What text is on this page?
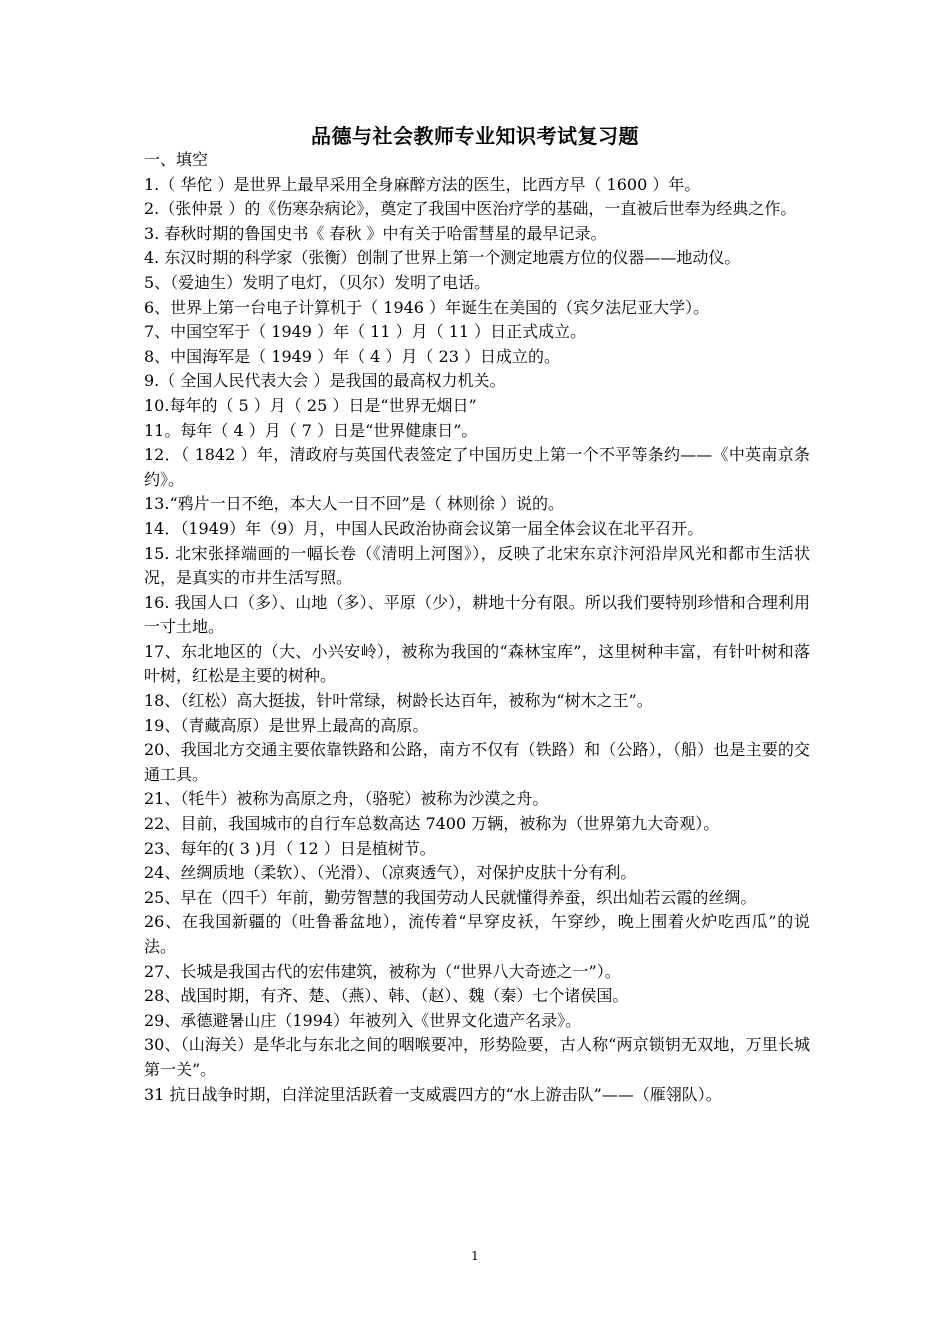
品德与社会教师专业知识考试复习题

一、填空

1.（ 华佗 ）是世界上最早采用全身麻醉方法的医生，比西方早（ 1600 ）年。

2.（张仲景 ）的《伤寒杂病论》，奠定了我国中医治疗学的基础，一直被后世奉为经典之作。

3. 春秋时期的鲁国史书《 春秋 》中有关于哈雷彗星的最早记录。

4. 东汉时期的科学家（张衡）创制了世界上第一个测定地震方位的仪器——地动仪。

5、（爱迪生）发明了电灯，（贝尔）发明了电话。

6、世界上第一台电子计算机于（ 1946 ）年诞生在美国的（宾夕法尼亚大学）。

7、中国空军于（ 1949 ）年（ 11 ）月（ 11 ）日正式成立。

8、中国海军是（ 1949 ）年（ 4 ）月（ 23 ）日成立的。

9.（ 全国人民代表大会 ）是我国的最高权力机关。

10.每年的（ 5 ）月（ 25 ）日是“世界无烟日”

11。每年（ 4 ）月（ 7 ）日是“世界健康日”。

12．（ 1842 ）年，清政府与英国代表签定了中国历史上第一个不平等条约——《中英南京条约》。

13.“鸦片一日不绝，本大人一日不回”是（ 林则徐 ）说的。

14．（1949）年（9）月，中国人民政治协商会议第一届全体会议在北平召开。

15. 北宋张择端画的一幅长卷（《清明上河图》），反映了北宋东京汴河沿岸风光和都市生活状况，是真实的市井生活写照。

16. 我国人口（多）、山地（多）、平原（少），耕地十分有限。所以我们要特别珍惜和合理利用一寸土地。

17、东北地区的（大、小兴安岭），被称为我国的“森林宝库”，这里树种丰富，有针叶树和落叶树，红松是主要的树种。

18、（红松）高大挺拔，针叶常绿，树龄长达百年，被称为“树木之王”。

19、（青藏高原）是世界上最高的高原。

20、我国北方交通主要依靠铁路和公路，南方不仅有（铁路）和（公路），（船）也是主要的交通工具。

21、（牦牛）被称为高原之舟，（骆驼）被称为沙漠之舟。

22、目前，我国城市的自行车总数高达 7400 万辆，被称为（世界第九大奇观）。

23、每年的( 3 )月（ 12 ）日是植树节。

24、丝绸质地（柔软）、（光滑）、（凉爽透气），对保护皮肤十分有利。

25、早在（四千）年前，勤劳智慧的我国劳动人民就懂得养蚕，织出灿若云霞的丝绸。

26、在我国新疆的（吐鲁番盆地），流传着“早穿皮袄，午穿纱，晚上围着火炉吃西瓜”的说法。

27、长城是我国古代的宏伟建筑，被称为（“世界八大奇迹之一”）。

28、战国时期，有齐、楚、（燕）、韩、（赵）、魏（秦）七个诸侯国。

29、承德避暑山庄（1994）年被列入《世界文化遗产名录》。

30、（山海关）是华北与东北之间的咽喉要冲，形势险要，古人称“两京锁钥无双地，万里长城第一关”。

31 抗日战争时期，白洋淀里活跃着一支威震四方的“水上游击队”——（雁翎队）。

1
